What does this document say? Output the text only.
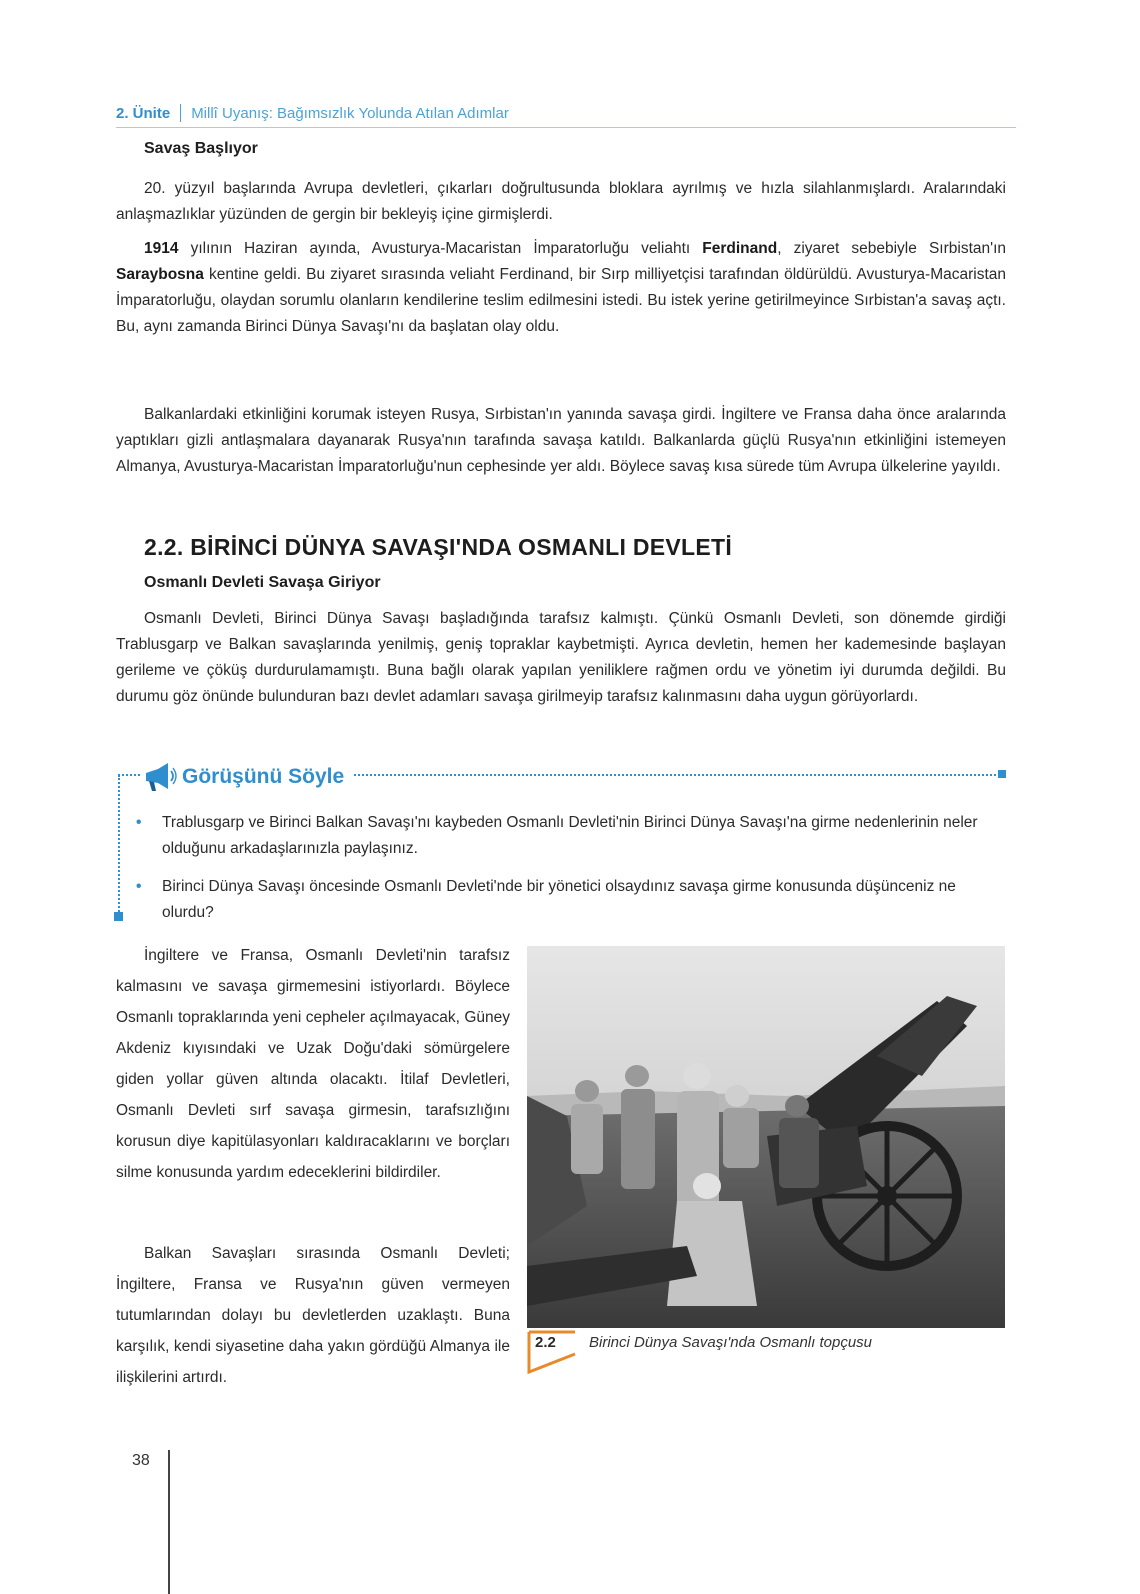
2. Ünite Millî Uyanış: Bağımsızlık Yolunda Atılan Adımlar
Savaş Başlıyor

20. yüzyıl başlarında Avrupa devletleri, çıkarları doğrultusunda bloklara ayrılmış ve hızla silahlanmışlardı. Aralarındaki anlaşmazlıklar yüzünden de gergin bir bekleyiş içine girmişlerdi.

1914 yılının Haziran ayında, Avusturya-Macaristan İmparatorluğu veliahtı Ferdinand, ziyaret sebebiyle Sırbistan'ın Saraybosna kentine geldi. Bu ziyaret sırasında veliaht Ferdinand, bir Sırp milliyetçisi tarafından öldürüldü. Avusturya-Macaristan İmparatorluğu, olaydan sorumlu olanların kendilerine teslim edilmesini istedi. Bu istek yerine getirilmeyince Sırbistan'a savaş açtı. Bu, aynı zamanda Birinci Dünya Savaşı'nı da başlatan olay oldu.

Balkanlardaki etkinliğini korumak isteyen Rusya, Sırbistan'ın yanında savaşa girdi. İngiltere ve Fransa daha önce aralarında yaptıkları gizli antlaşmalara dayanarak Rusya'nın tarafında savaşa katıldı. Balkanlarda güçlü Rusya'nın etkinliğini istemeyen Almanya, Avusturya-Macaristan İmparatorluğu'nun cephesinde yer aldı. Böylece savaş kısa sürede tüm Avrupa ülkelerine yayıldı.

2.2. BİRİNCİ DÜNYA SAVAŞI'NDA OSMANLI DEVLETİ
Osmanlı Devleti Savaşa Giriyor

Osmanlı Devleti, Birinci Dünya Savaşı başladığında tarafsız kalmıştı. Çünkü Osmanlı Devleti, son dönemde girdiği Trablusgarp ve Balkan savaşlarında yenilmiş, geniş topraklar kaybetmişti. Ayrıca devletin, hemen her kademesinde başlayan gerileme ve çöküş durdurulamamıştı. Buna bağlı olarak yapılan yeniliklere rağmen ordu ve yönetim iyi durumda değildi. Bu durumu göz önünde bulunduran bazı devlet adamları savaşa girilmeyip tarafsız kalınmasını daha uygun görüyorlardı.

Görüşünü Söyle
• Trablusgarp ve Birinci Balkan Savaşı'nı kaybeden Osmanlı Devleti'nin Birinci Dünya Savaşı'na girme nedenlerinin neler olduğunu arkadaşlarınızla paylaşınız.
• Birinci Dünya Savaşı öncesinde Osmanlı Devleti'nde bir yönetici olsaydınız savaşa girme konusunda düşünceniz ne olurdu?

İngiltere ve Fransa, Osmanlı Devleti'nin tarafsız kalmasını ve savaşa girmemesini istiyorlardı. Böylece Osmanlı topraklarında yeni cepheler açılmayacak, Güney Akdeniz kıyısındaki ve Uzak Doğu'daki sömürgelere giden yollar güven altında olacaktı. İtilaf Devletleri, Osmanlı Devleti sırf savaşa girmesin, tarafsızlığını korusun diye kapitülasyonları kaldıracaklarını ve borçları silme konusunda yardım edeceklerini bildirdiler.

Balkan Savaşları sırasında Osmanlı Devleti; İngiltere, Fransa ve Rusya'nın güven vermeyen tutumlarından dolayı bu devletlerden uzaklaştı. Buna karşılık, kendi siyasetine daha yakın gördüğü Almanya ile ilişkilerini artırdı.

2.2 Birinci Dünya Savaşı'nda Osmanlı topçusu
38
